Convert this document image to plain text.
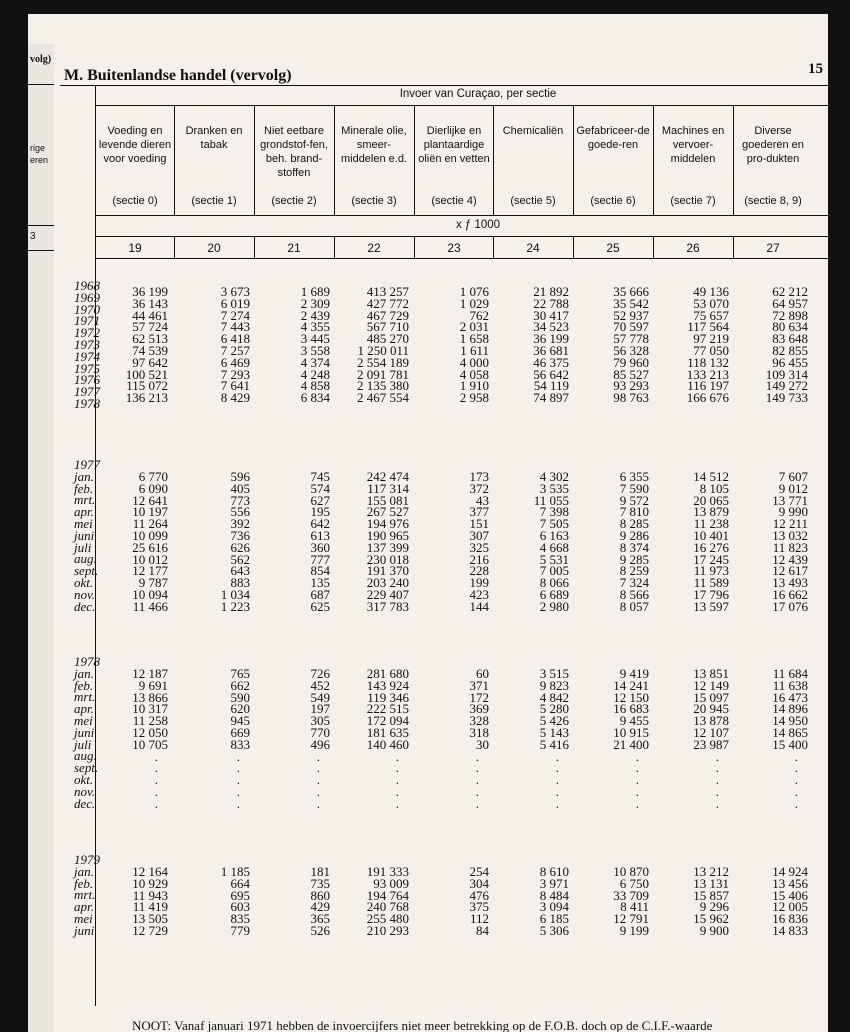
volg)
rige
eren
3
M. Buitenlandse handel (vervolg)	15
Invoer van Curaçao, per sectie
x ƒ 1000
Voeding en levende dieren voor voeding
(sectie 0)
19
Dranken en tabak
(sectie 1)
20
Niet eetbare grondstof-fen, beh. brand-stoffen
(sectie 2)
21
Minerale olie, smeer-middelen e.d.
(sectie 3)
22
Dierlijke en plantaardige oliën en vetten
(sectie 4)
23
Chemicaliën
(sectie 5)
24
Gefabriceer-de goede-ren
(sectie 6)
25
Machines en vervoer-middelen
(sectie 7)
26
Diverse goederen en pro-dukten
(sectie 8, 9)
27
1968
1969
1970
1971
1972
1973
1974
1975
1976
1977
1978
36 199
36 143
44 461
57 724
62 513
74 539
97 642
100 521
115 072
136 213
3 673
6 019
7 274
7 443
6 418
7 257
6 469
7 293
7 641
8 429
1 689
2 309
2 439
4 355
3 445
3 558
4 374
4 248
4 858
6 834
413 257
427 772
467 729
567 710
485 270
1 250 011
2 554 189
2 091 781
2 135 380
2 467 554
1 076
1 029
762
2 031
1 658
1 611
4 000
4 058
1 910
2 958
21 892
22 788
30 417
34 523
36 199
36 681
46 375
56 642
54 119
74 897
35 666
35 542
52 937
70 597
57 778
56 328
79 960
85 527
93 293
98 763
49 136
53 070
75 657
117 564
97 219
77 050
118 132
133 213
116 197
166 676
62 212
64 957
72 898
80 634
83 648
82 855
96 455
109 314
149 272
149 733
1977
jan.
feb.
mrt.
apr.
mei
juni
juli
aug.
sept.
okt.
nov.
dec.
6 770
6 090
12 641
10 197
11 264
10 099
25 616
10 012
12 177
9 787
10 094
11 466
596
405
773
556
392
736
626
562
643
883
1 034
1 223
745
574
627
195
642
613
360
777
854
135
687
625
242 474
117 314
155 081
267 527
194 976
190 965
137 399
230 018
191 370
203 240
229 407
317 783
173
372
43
377
151
307
325
216
228
199
423
144
4 302
3 535
11 055
7 398
7 505
6 163
4 668
5 531
7 005
8 066
6 689
2 980
6 355
7 590
9 572
7 810
8 285
9 286
8 374
9 285
8 259
7 324
8 566
8 057
14 512
8 105
20 065
13 879
11 238
10 401
16 276
17 245
11 973
11 589
17 796
13 597
7 607
9 012
13 771
9 990
12 211
13 032
11 823
12 439
12 617
13 493
16 662
17 076
1978
jan.
feb.
mrt.
apr.
mei
juni
juli
aug.
sept.
okt.
nov.
dec.
12 187
9 691
13 866
10 317
11 258
12 050
10 705
.
.
.
.
.
765
662
590
620
945
669
833
.
.
.
.
.
726
452
549
197
305
770
496
.
.
.
.
.
281 680
143 924
119 346
222 515
172 094
181 635
140 460
.
.
.
.
.
60
371
172
369
328
318
30
.
.
.
.
.
3 515
9 823
4 842
5 280
5 426
5 143
5 416
.
.
.
.
.
9 419
14 241
12 150
16 683
9 455
10 915
21 400
.
.
.
.
.
13 851
12 149
15 097
20 945
13 878
12 107
23 987
.
.
.
.
.
11 684
11 638
16 473
14 896
14 950
14 865
15 400
.
.
.
.
.
1979
jan.
feb.
mrt.
apr.
mei
juni
12 164
10 929
11 943
11 419
13 505
12 729
1 185
664
695
603
835
779
181
735
860
429
365
526
191 333
93 009
194 764
240 768
255 480
210 293
254
304
476
375
112
84
8 610
3 971
8 484
3 094
6 185
5 306
10 870
6 750
33 709
8 411
12 791
9 199
13 212
13 131
15 857
9 296
15 962
9 900
14 924
13 456
15 406
12 005
16 836
14 833
NOOT: Vanaf januari 1971 hebben de invoercijfers niet meer betrekking op de F.O.B. doch op de C.I.F.-waarde
